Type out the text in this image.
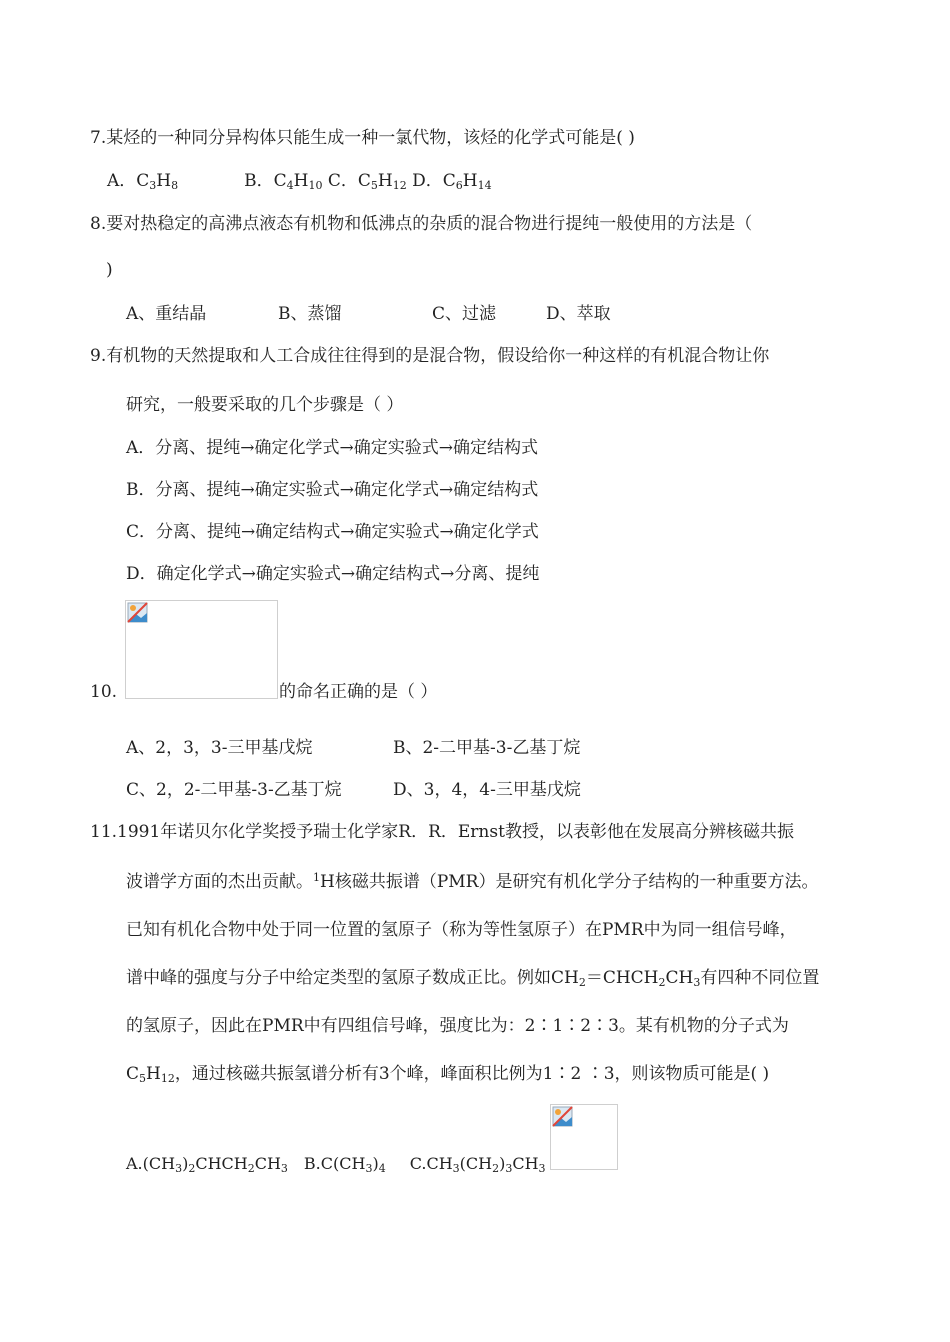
7.某烃的一种同分异构体只能生成一种一氯代物，该烃的化学式可能是( )
A．$C_3H_8$	B．$C_4H_{10}$ C．$C_5H_{12}$ D．$C_6H_{14}$
8.要对热稳定的高沸点液态有机物和低沸点的杂质的混合物进行提纯一般使用的方法是（
)
A、重结晶	B、蒸馏	C、过滤	D、萃取
9.有机物的天然提取和人工合成往往得到的是混合物，假设给你一种这样的有机混合物让你
研究，一般要采取的几个步骤是（ ）
A．分离、提纯→确定化学式→确定实验式→确定结构式
B．分离、提纯→确定实验式→确定化学式→确定结构式
C．分离、提纯→确定结构式→确定实验式→确定化学式
D．确定化学式→确定实验式→确定结构式→分离、提纯
10.	的命名正确的是（ ）
A、2，3，3-三甲基戊烷	B、2-二甲基-3-乙基丁烷
C、2，2-二甲基-3-乙基丁烷	D、3，4，4-三甲基戊烷
11.1991年诺贝尔化学奖授予瑞士化学家R．R．Ernst教授，以表彰他在发展高分辨核磁共振
波谱学方面的杰出贡献。$^1$H核磁共振谱（PMR）是研究有机化学分子结构的一种重要方法。
已知有机化合物中处于同一位置的氢原子（称为等性氢原子）在PMR中为同一组信号峰，
谱中峰的强度与分子中给定类型的氢原子数成正比。例如$CH_2=CHCH_2CH_3$有四种不同位置
的氢原子，因此在PMR中有四组信号峰，强度比为：2∶1∶2∶3。某有机物的分子式为
$C_5H_{12}$，通过核磁共振氢谱分析有3个峰，峰面积比例为1∶2 ∶3，则该物质可能是( )
$A.(CH_3)_2CHCH_2CH_3$ $B.C(CH_3)_4$ $C.CH_3(CH_2)_3CH_3$
